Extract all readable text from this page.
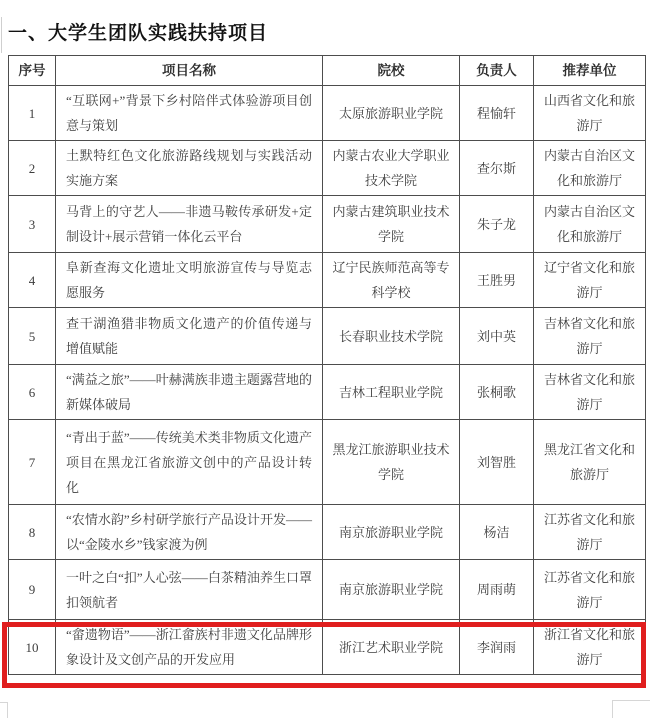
一、大学生团队实践扶持项目
序号	项目名称	院校	负责人	推荐单位
1	“互联网+”背景下乡村陪伴式体验游项目创意与策划	太原旅游职业学院	程愉轩	山西省文化和旅游厅
2	土默特红色文化旅游路线规划与实践活动实施方案	内蒙古农业大学职业技术学院	查尔斯	内蒙古自治区文化和旅游厅
3	马背上的守艺人——非遗马鞍传承研发+定制设计+展示营销一体化云平台	内蒙古建筑职业技术学院	朱子龙	内蒙古自治区文化和旅游厅
4	阜新查海文化遗址文明旅游宣传与导览志愿服务	辽宁民族师范高等专科学校	王胜男	辽宁省文化和旅游厅
5	查干湖渔猎非物质文化遗产的价值传递与增值赋能	长春职业技术学院	刘中英	吉林省文化和旅游厅
6	“满益之旅”——叶赫满族非遗主题露营地的新媒体破局	吉林工程职业学院	张桐歌	吉林省文化和旅游厅
7	“青出于蓝”——传统美术类非物质文化遗产项目在黑龙江省旅游文创中的产品设计转化	黑龙江旅游职业技术学院	刘智胜	黑龙江省文化和旅游厅
8	“农情水韵”乡村研学旅行产品设计开发——以“金陵水乡”钱家渡为例	南京旅游职业学院	杨洁	江苏省文化和旅游厅
9	一叶之白“扣”人心弦——白茶精油养生口罩扣领航者	南京旅游职业学院	周雨萌	江苏省文化和旅游厅
10	“畲遗物语”——浙江畲族村非遗文化品牌形象设计及文创产品的开发应用	浙江艺术职业学院	李润雨	浙江省文化和旅游厅
